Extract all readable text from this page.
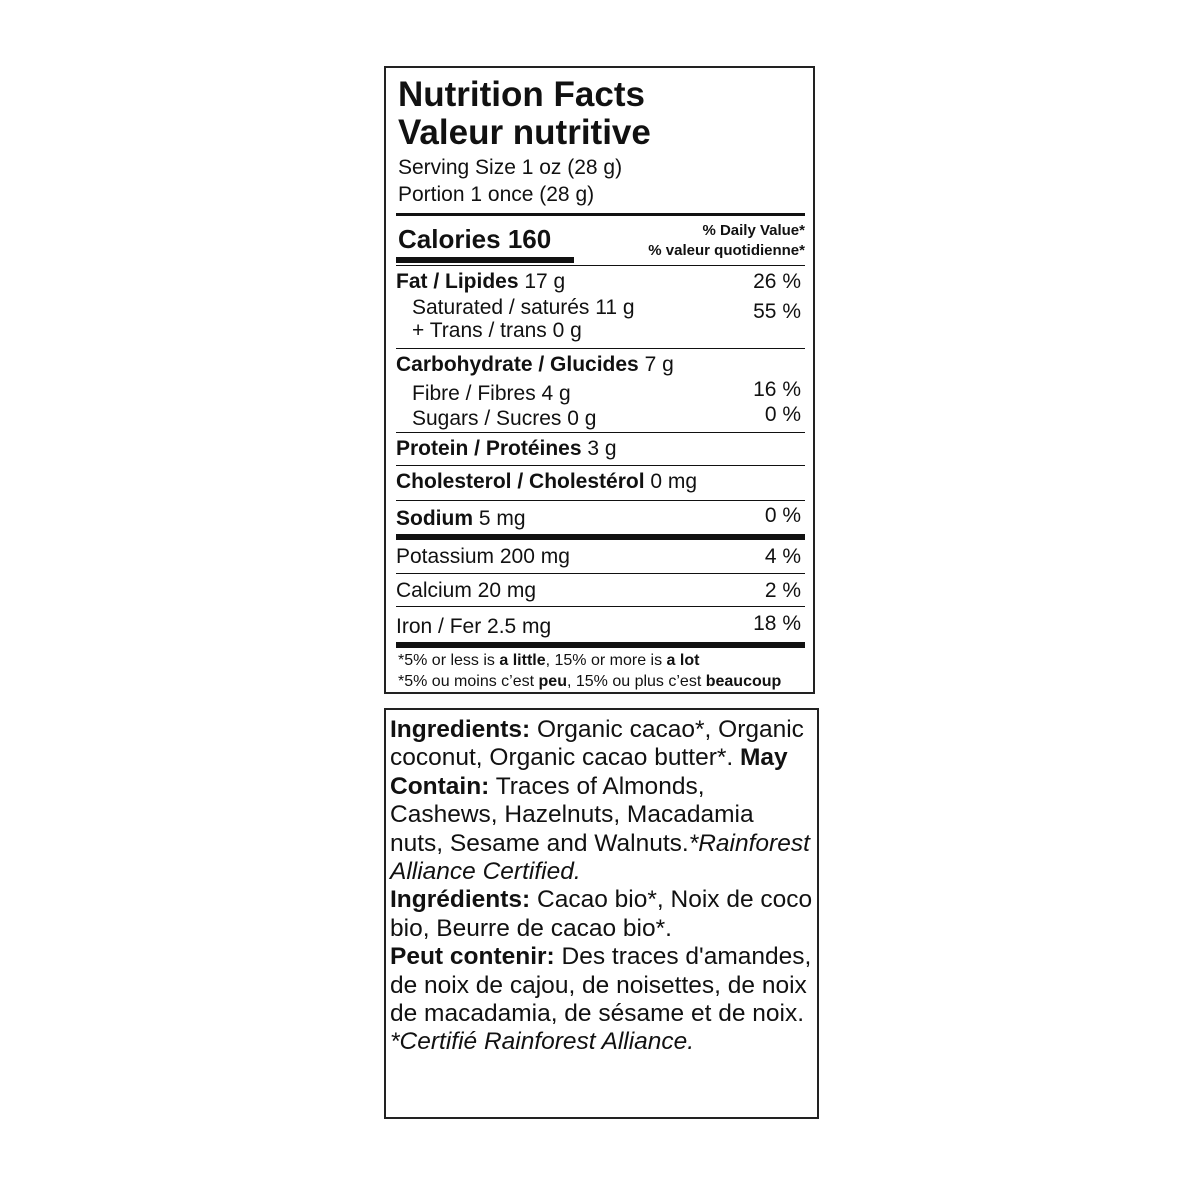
Nutrition Facts
Valeur nutritive
Serving Size 1 oz (28 g)
Portion 1 once (28 g)
Calories 160	% Daily Value*
% valeur quotidienne*
Fat / Lipides 17 g	26 %
Saturated / saturés 11 g	55 %
+ Trans / trans 0 g
Carbohydrate / Glucides 7 g
Fibre / Fibres 4 g	16 %
Sugars / Sucres 0 g	0 %
Protein / Protéines 3 g
Cholesterol / Cholestérol 0 mg
Sodium 5 mg	0 %
Potassium 200 mg	4 %
Calcium 20 mg	2 %
Iron / Fer 2.5 mg	18 %
*5% or less is a little, 15% or more is a lot
*5% ou moins c’est peu, 15% ou plus c’est beaucoup

Ingredients: Organic cacao*, Organic coconut, Organic cacao butter*. May Contain: Traces of Almonds, Cashews, Hazelnuts, Macadamia nuts, Sesame and Walnuts.*Rainforest Alliance Certified.

Ingrédients: Cacao bio*, Noix de coco bio, Beurre de cacao bio*.

Peut contenir: Des traces d'amandes, de noix de cajou, de noisettes, de noix de macadamia, de sésame et de noix. *Certifié Rainforest Alliance.
